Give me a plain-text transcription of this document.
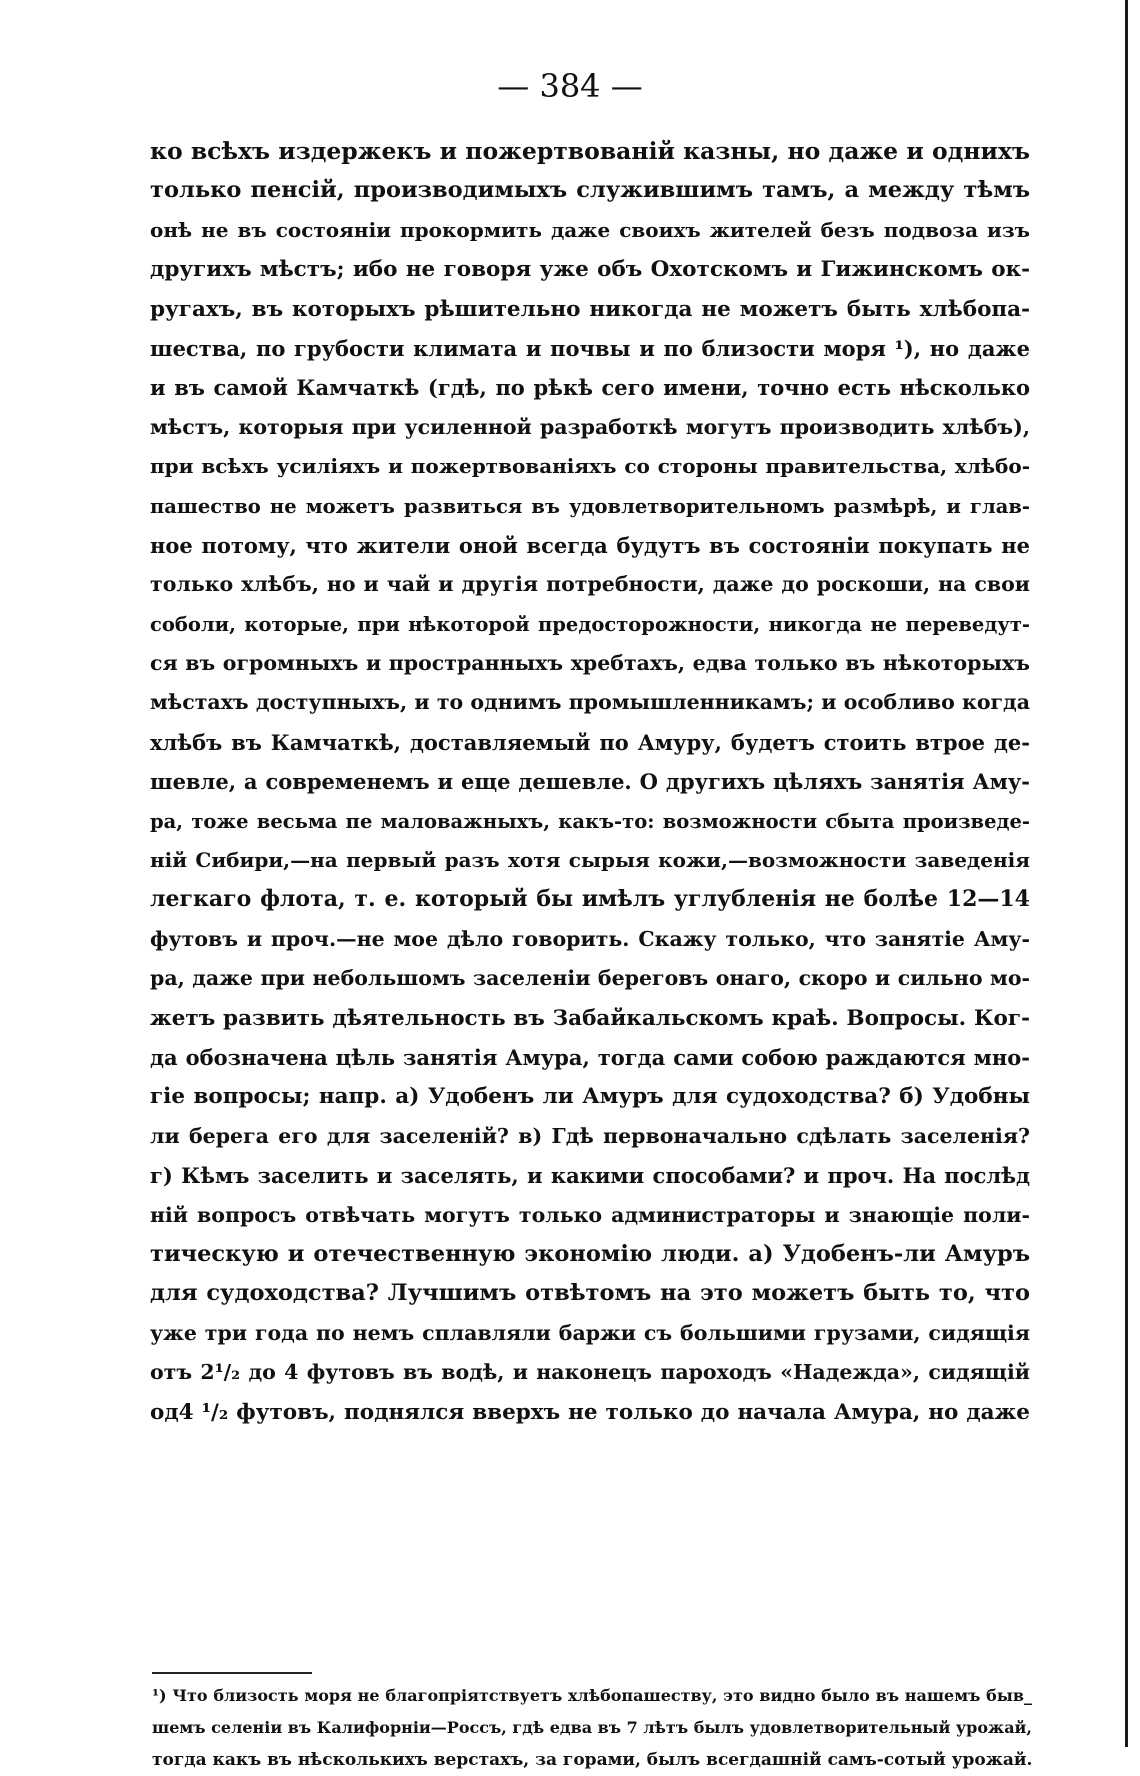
— 384 —
ко всѣхъ издержекъ и пожертвованій казны, но даже и однихъ
только пенсій, производимыхъ служившимъ тамъ, а между тѣмъ
онѣ не въ состояніи прокормить даже своихъ жителей безъ подвоза изъ
другихъ мѣстъ; ибо не говоря уже объ Охотскомъ и Гижинскомъ ок-
ругахъ, въ которыхъ рѣшительно никогда не можетъ быть хлѣбопа-
шества, по грубости климата и почвы и по близости моря ¹), но даже
и въ самой Камчаткѣ (гдѣ, по рѣкѣ сего имени, точно есть нѣсколько
мѣстъ, которыя при усиленной разработкѣ могутъ производить хлѣбъ),
при всѣхъ усиліяхъ и пожертвованіяхъ со стороны правительства, хлѣбо-
пашество не можетъ развиться въ удовлетворительномъ размѣрѣ, и глав-
ное потому, что жители оной всегда будутъ въ состояніи покупать не
только хлѣбъ, но и чай и другія потребности, даже до роскоши, на свои
соболи, которые, при нѣкоторой предосторожности, никогда не переведут-
ся въ огромныхъ и пространныхъ хребтахъ, едва только въ нѣкоторыхъ
мѣстахъ доступныхъ, и то однимъ промышленникамъ; и особливо когда
хлѣбъ въ Камчаткѣ, доставляемый по Амуру, будетъ стоить втрое де-
шевле, а современемъ и еще дешевле. О другихъ цѣляхъ занятія Аму-
ра, тоже весьма пе маловажныхъ, какъ-то: возможности сбыта произведе-
ній Сибири,—на первый разъ хотя сырыя кожи,—возможности заведенія
легкаго флота, т. е. который бы имѣлъ углубленія не болѣе 12—14
футовъ и проч.—не мое дѣло говорить. Скажу только, что занятіе Аму-
ра, даже при небольшомъ заселеніи береговъ онаго, скоро и сильно мо-
жетъ развить дѣятельность въ Забайкальскомъ краѣ. Вопросы. Ког-
да обозначена цѣль занятія Амура, тогда сами собою раждаются мно-
гіе вопросы; напр. а) Удобенъ ли Амуръ для судоходства? б) Удобны
ли берега его для заселеній? в) Гдѣ первоначально сдѣлать заселенія?
г) Кѣмъ заселить и заселять, и какими способами? и проч. На послѣд
ній вопросъ отвѣчать могутъ только администраторы и знающіе поли-
тическую и отечественную экономію люди. а) Удобенъ-ли Амуръ
для судоходства? Лучшимъ отвѣтомъ на это можетъ быть то, что
уже три года по немъ сплавляли баржи съ большими грузами, сидящія
отъ 2¹/₂ до 4 футовъ въ водѣ, и наконецъ пароходъ «Надежда», сидящій
од4 ¹/₂ футовъ, поднялся вверхъ не только до начала Амура, но даже
¹) Что близость моря не благопріятствуетъ хлѣбопашеству, это видно было въ нашемъ быв_
шемъ селеніи въ Калифорніи—Россъ, гдѣ едва въ 7 лѣтъ былъ удовлетворительный урожай,
тогда какъ въ нѣсколькихъ верстахъ, за горами, былъ всегдашній самъ-сотый урожай.
